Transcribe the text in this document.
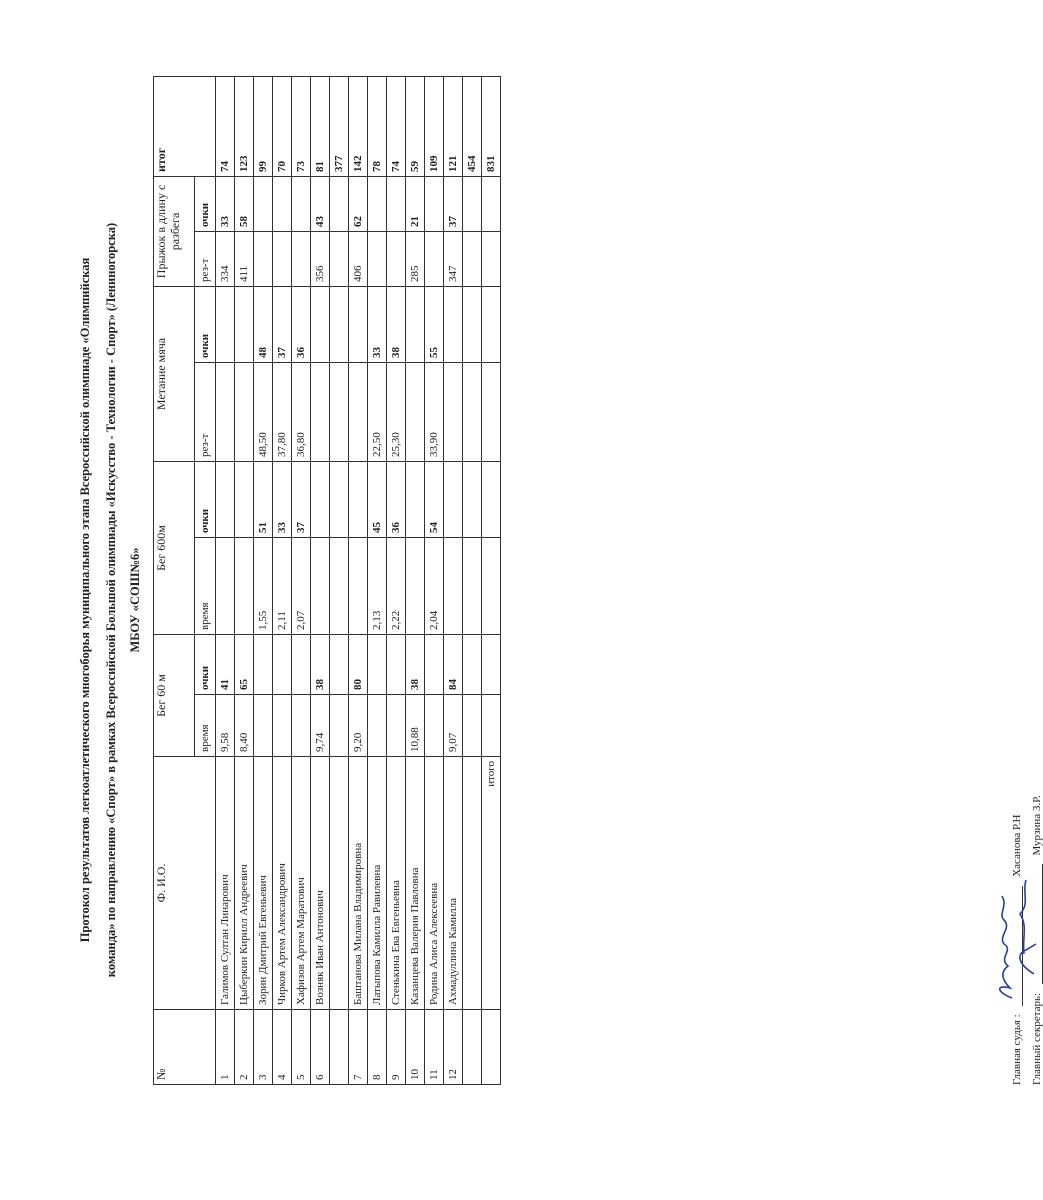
Протокол результатов легкоатлетического многоборья муниципального этапа Всероссийской олимпиаде «Олимпийская команда» по направлению «Спорт» в рамках Всероссийской Большой олимпиады «Искусство - Технологии - Спорт» (Лениногорска) МБОУ «СОШ№6»
№	Ф. И.О.	Бег 60 м		Бег 600м		Метание мяча		Прыжок в длину с разбега		итог
		время	очки	время	очки	рез-т	очки	рез-т	очки	
1	Галимов Султан Линарович	9,58	41					334	33	74
2	Цыберкин Кирилл Андреевич	8,40	65					411	58	123
3	Зорин Дмитрий Евгеньевич			1,55	51	48,50	48			99
4	Чирков Артем Александрович			2,11	33	37,80	37			70
5	Хафизов Артем Маратович			2,07	37	36,80	36			73
6	Возняк Иван Антонович	9,74	38					356	43	81
										377
7	Баштанова Милана Владимировна	9,20	80					406	62	142
8	Латыпова Камилла Равилевна			2,13	45	22,50	33			78
9	Стенькина Ева Евгеньевна			2,22	36	25,30	38			74
10	Казанцева Валерия Павловна	10,88	38					285	21	59
11	Родина Алиса Алексеевна			2,04	54	33,90	55			109
12	Ахмадуллина Камилла	9,07	84					347	37	121
										454
	итого									831
Главная судья :
Хасанова Р.Н
Главный секретарь:
Мурзина З.Р.
